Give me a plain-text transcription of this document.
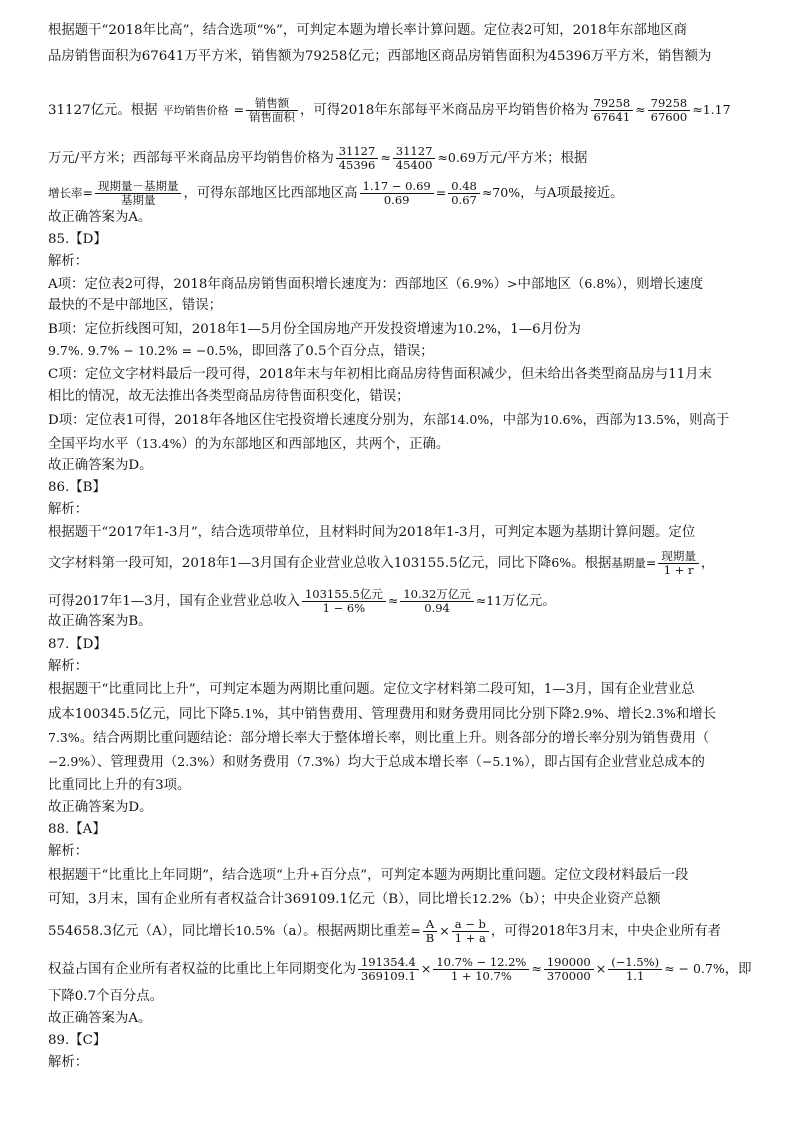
根据题干“2018年比高”，结合选项“%”，可判定本题为增长率计算问题。定位表2可知，2018年东部地区商
品房销售面积为67641万平方米，销售额为79258亿元；西部地区商品房销售面积为45396万平方米，销售额为
31127亿元。根据 平均销售价格 = 销售额
销售面积 ，可得2018年东部每平米商品房平均销售价格为 $\frac{79258}{67641} \approx \frac{79258}{67600} \approx 1.17$
万元/平方米；西部每平米商品房平均销售价格为 $\frac{31127}{45396} \approx \frac{31127}{45400} \approx 0.69$万元/平方米；根据
增长率= 现期量－基期量
基期量	，可得东部地区比西部地区高 $\frac{1.17 - 0.69}{0.69} = \frac{0.48}{0.67} \approx 70\%$，与A项最接近。
故正确答案为A。
85.【D】
解析：
A项：定位表2可得，2018年商品房销售面积增长速度为：西部地区（6.9%）>中部地区（6.8%），则增长速度
最快的不是中部地区，错误；
B项：定位折线图可知，2018年1—5月份全国房地产开发投资增速为10.2%，1—6月份为
9.7%. 9.7% − 10.2% = −0.5%，即回落了0.5个百分点，错误；
C项：定位文字材料最后一段可得，2018年末与年初相比商品房待售面积减少，但未给出各类型商品房与11月末
相比的情况，故无法推出各类型商品房待售面积变化，错误；
D项：定位表1可得，2018年各地区住宅投资增长速度分别为，东部14.0%，中部为10.6%，西部为13.5%，则高于
全国平均水平（13.4%）的为东部地区和西部地区，共两个，正确。
故正确答案为D。
86.【B】
解析：
根据题干“2017年1-3月”，结合选项带单位，且材料时间为2018年1-3月，可判定本题为基期计算问题。定位
文字材料第一段可知，2018年1—3月国有企业营业总收入103155.5亿元，同比下降6%。根据基期量= 现期量
1 + r ，
可得2017年1—3月，国有企业营业总收入 103155.5亿元
1 − 6%	≈ 10.32万亿元
0.94	≈11万亿元。
故正确答案为B。
87.【D】
解析：
根据题干“比重同比上升”，可判定本题为两期比重问题。定位文字材料第二段可知，1—3月，国有企业营业总
成本100345.5亿元，同比下降5.1%，其中销售费用、管理费用和财务费用同比分别下降2.9%、增长2.3%和增长
7.3%。结合两期比重问题结论：部分增长率大于整体增长率，则比重上升。则各部分的增长率分别为销售费用（
−2.9%）、管理费用（2.3%）和财务费用（7.3%）均大于总成本增长率（−5.1%），即占国有企业营业总成本的
比重同比上升的有3项。
故正确答案为D。
88.【A】
解析：
根据题干“比重比上年同期”，结合选项“上升+百分点”，可判定本题为两期比重问题。定位文段材料最后一段
可知，3月末，国有企业所有者权益合计369109.1亿元（B），同比增长12.2%（b）；中央企业资产总额
554658.3亿元（A），同比增长10.5%（a）。根据两期比重差= $\frac{A}{B} \times \frac{a - b}{1 + a}$ ，可得2018年3月末，中央企业所有者
权益占国有企业所有者权益的比重比上年同期变化为 $\frac{191354.4}{369109.1} \times \frac{10.7\% - 12.2\%}{1 + 10.7\%} \approx \frac{190000}{370000} \times \frac{(-1.5\%)}{1.1}$ ≈ − 0.7%，即
下降0.7个百分点。
故正确答案为A。
89.【C】
解析：
